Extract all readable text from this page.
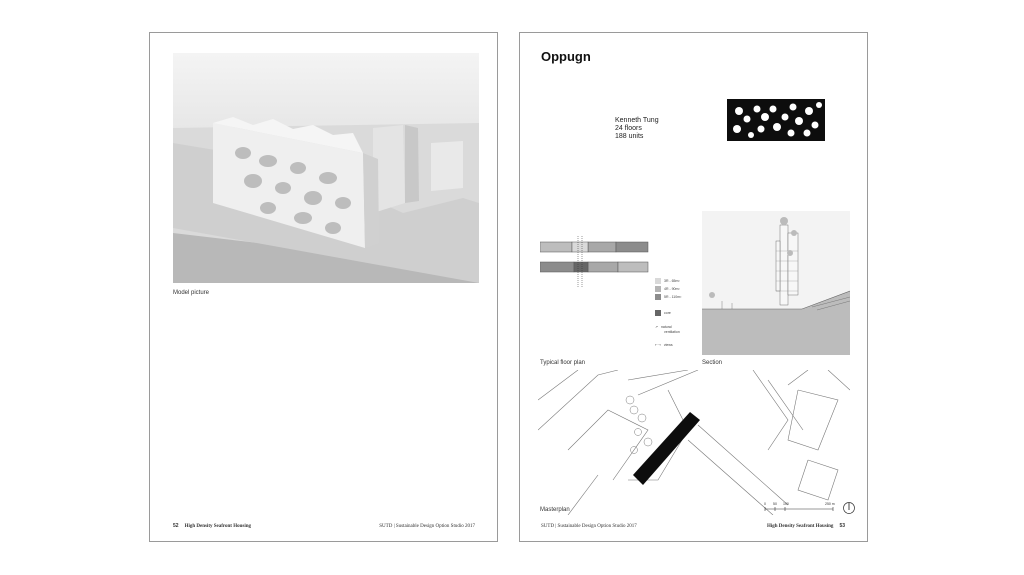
Model picture
52 High Density Seafront Housing	SUTD | Sustainable Design Option Studio 2017
Oppugn
Kenneth Tung
24 floors
188 units
3R - 65m²
4R - 90m²
5R - 110m²
core
↗ natural
ventilation
⇠⇢ views
Typical floor plan	Section
Masterplan
0 50 100	250 m
SUTD | Sustainable Design Option Studio 2017	High Density Seafront Housing 53
